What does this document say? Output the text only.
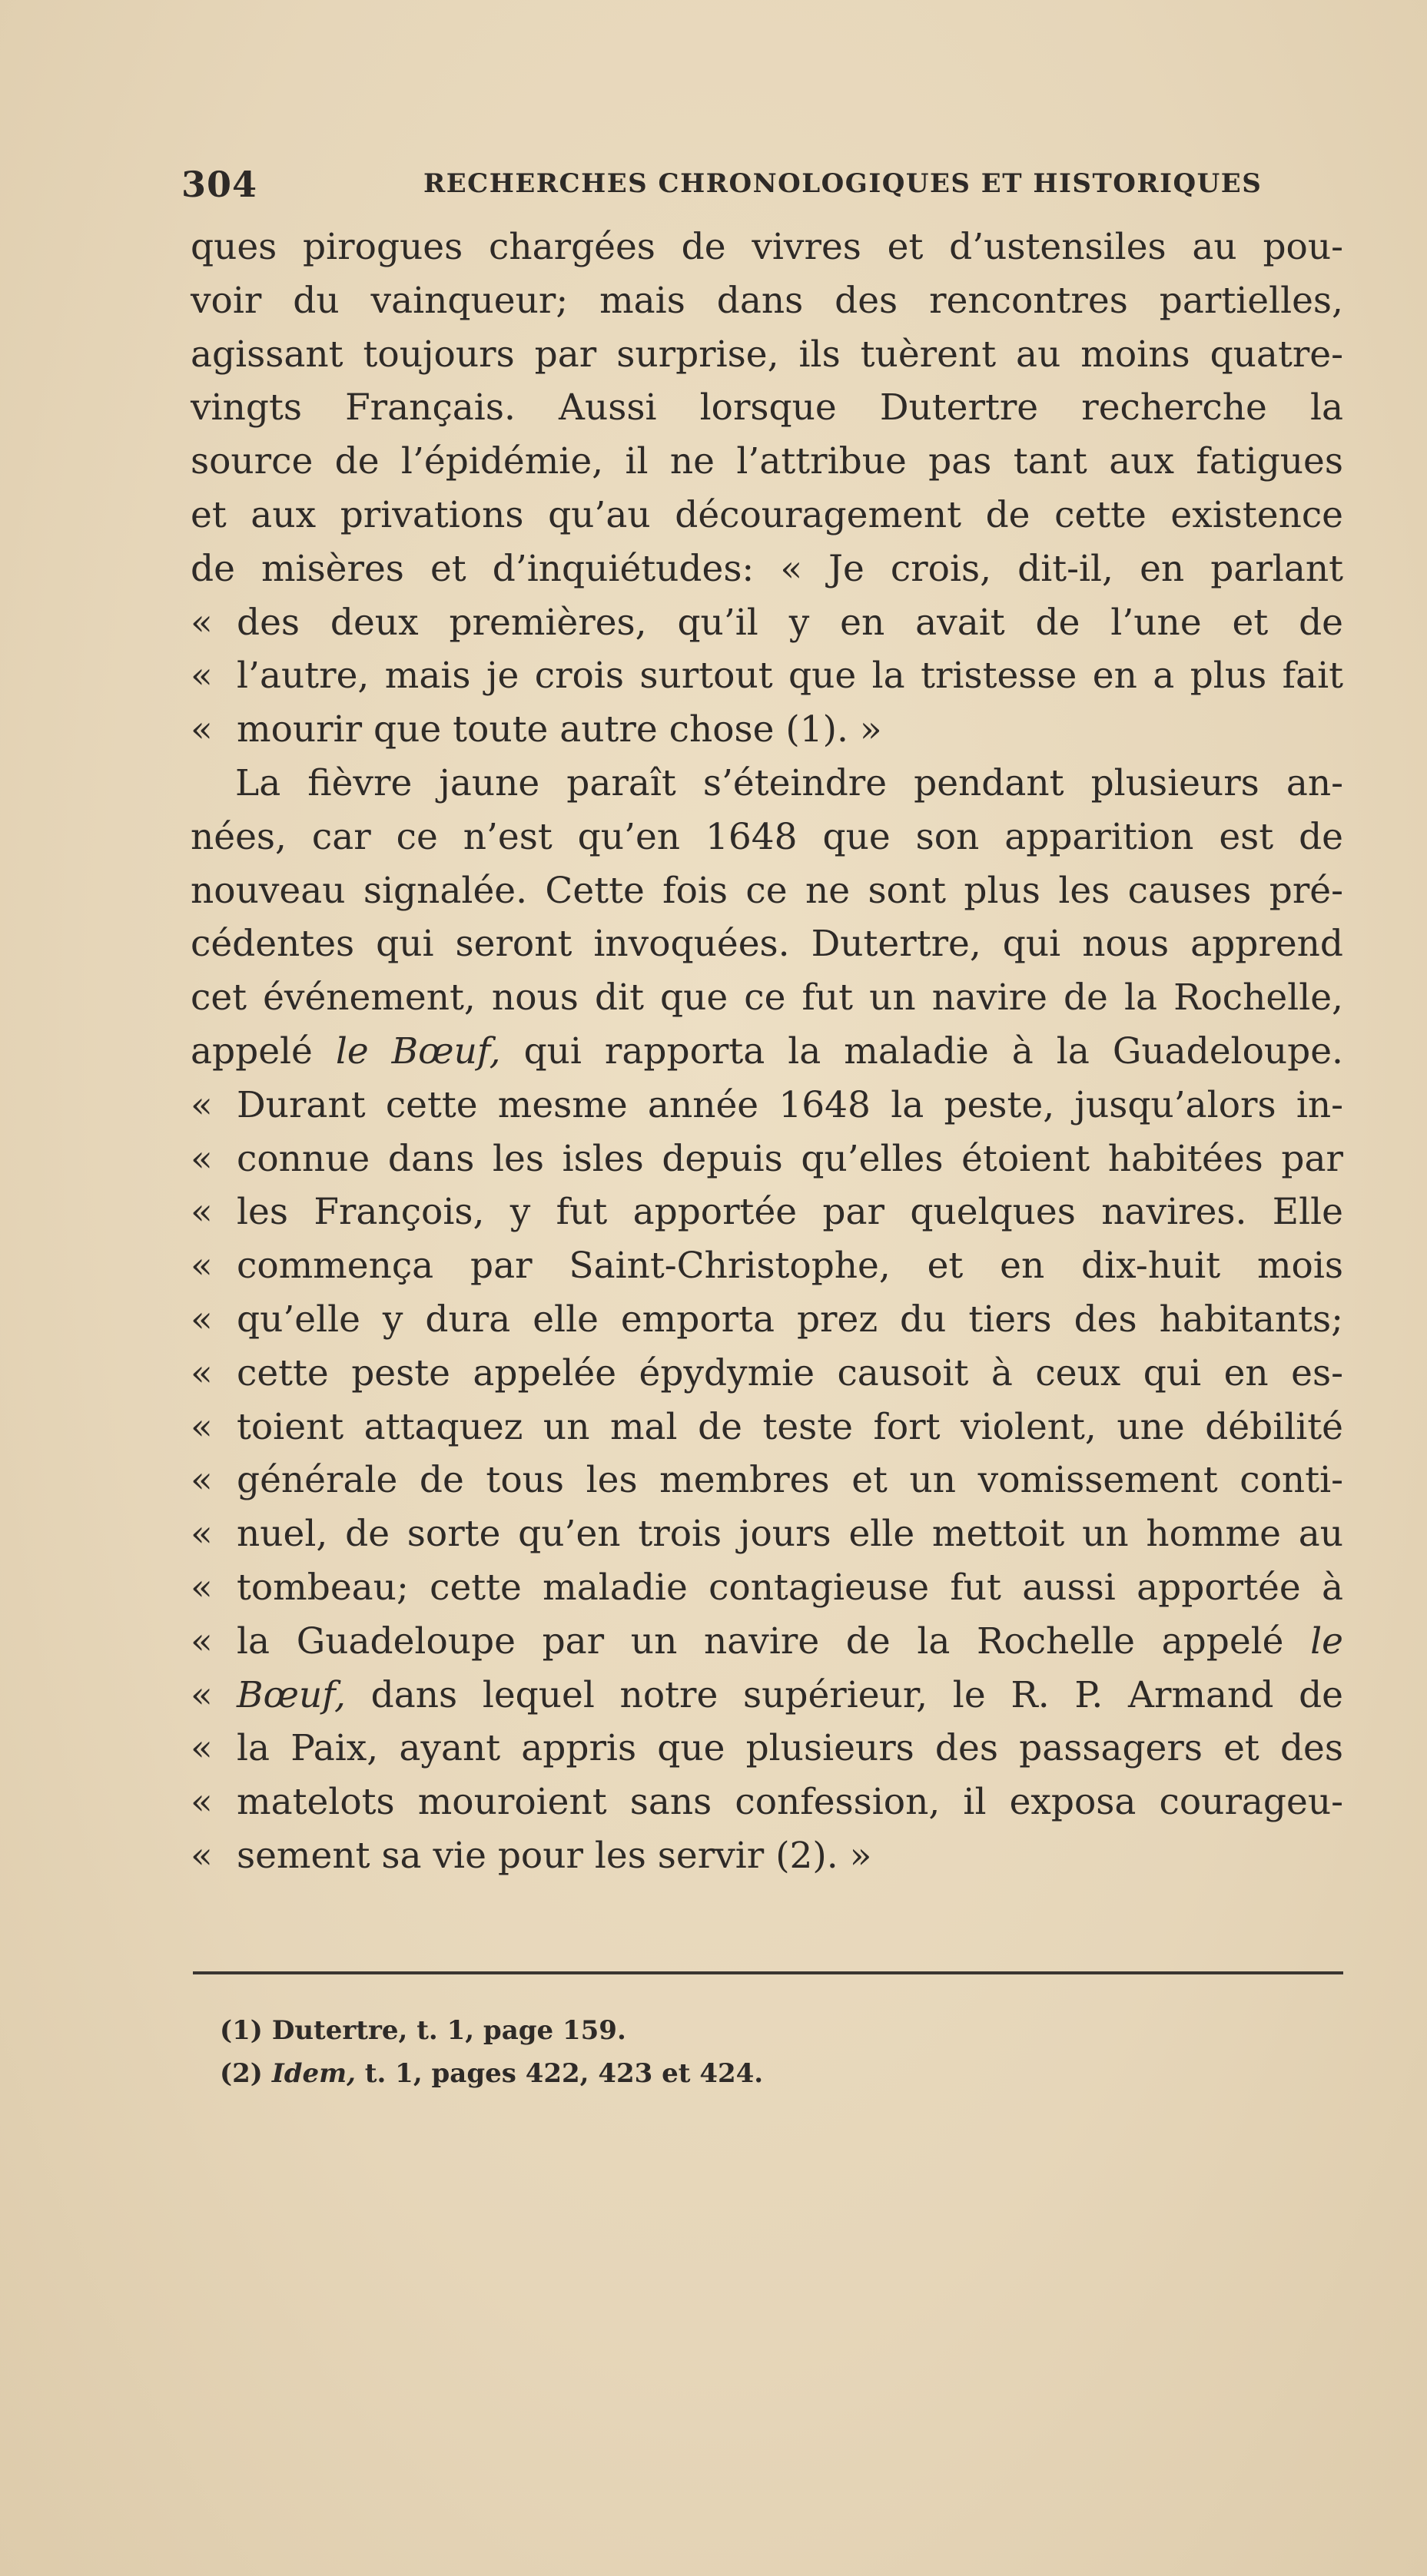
304	RECHERCHES CHRONOLOGIQUES ET HISTORIQUES
ques pirogues chargées de vivres et d’ustensiles au pou-
voir du vainqueur; mais dans des rencontres partielles,
agissant toujours par surprise, ils tuèrent au moins quatre-
vingts Français. Aussi lorsque Dutertre recherche la
source de l’épidémie, il ne l’attribue pas tant aux fatigues
et aux privations qu’au découragement de cette existence
de misères et d’inquiétudes: « Je crois, dit-il, en parlant
« des deux premières, qu’il y en avait de l’une et de
« l’autre, mais je crois surtout que la tristesse en a plus fait
« mourir que toute autre chose (1). »
La fièvre jaune paraît s’éteindre pendant plusieurs an-
nées, car ce n’est qu’en 1648 que son apparition est de
nouveau signalée. Cette fois ce ne sont plus les causes pré-
cédentes qui seront invoquées. Dutertre, qui nous apprend
cet événement, nous dit que ce fut un navire de la Rochelle,
appelé le Bœuf, qui rapporta la maladie à la Guadeloupe.
« Durant cette mesme année 1648 la peste, jusqu’alors in-
« connue dans les isles depuis qu’elles étoient habitées par
« les François, y fut apportée par quelques navires. Elle
« commença par Saint-Christophe, et en dix-huit mois
« qu’elle y dura elle emporta prez du tiers des habitants;
« cette peste appelée épydymie causoit à ceux qui en es-
« toient attaquez un mal de teste fort violent, une débilité
« générale de tous les membres et un vomissement conti-
« nuel, de sorte qu’en trois jours elle mettoit un homme au
« tombeau; cette maladie contagieuse fut aussi apportée à
« la Guadeloupe par un navire de la Rochelle appelé le
« Bœuf, dans lequel notre supérieur, le R. P. Armand de
« la Paix, ayant appris que plusieurs des passagers et des
« matelots mouroient sans confession, il exposa courageu-
« sement sa vie pour les servir (2). »
(1) Dutertre, t. 1, page 159.
(2) Idem, t. 1, pages 422, 423 et 424.
